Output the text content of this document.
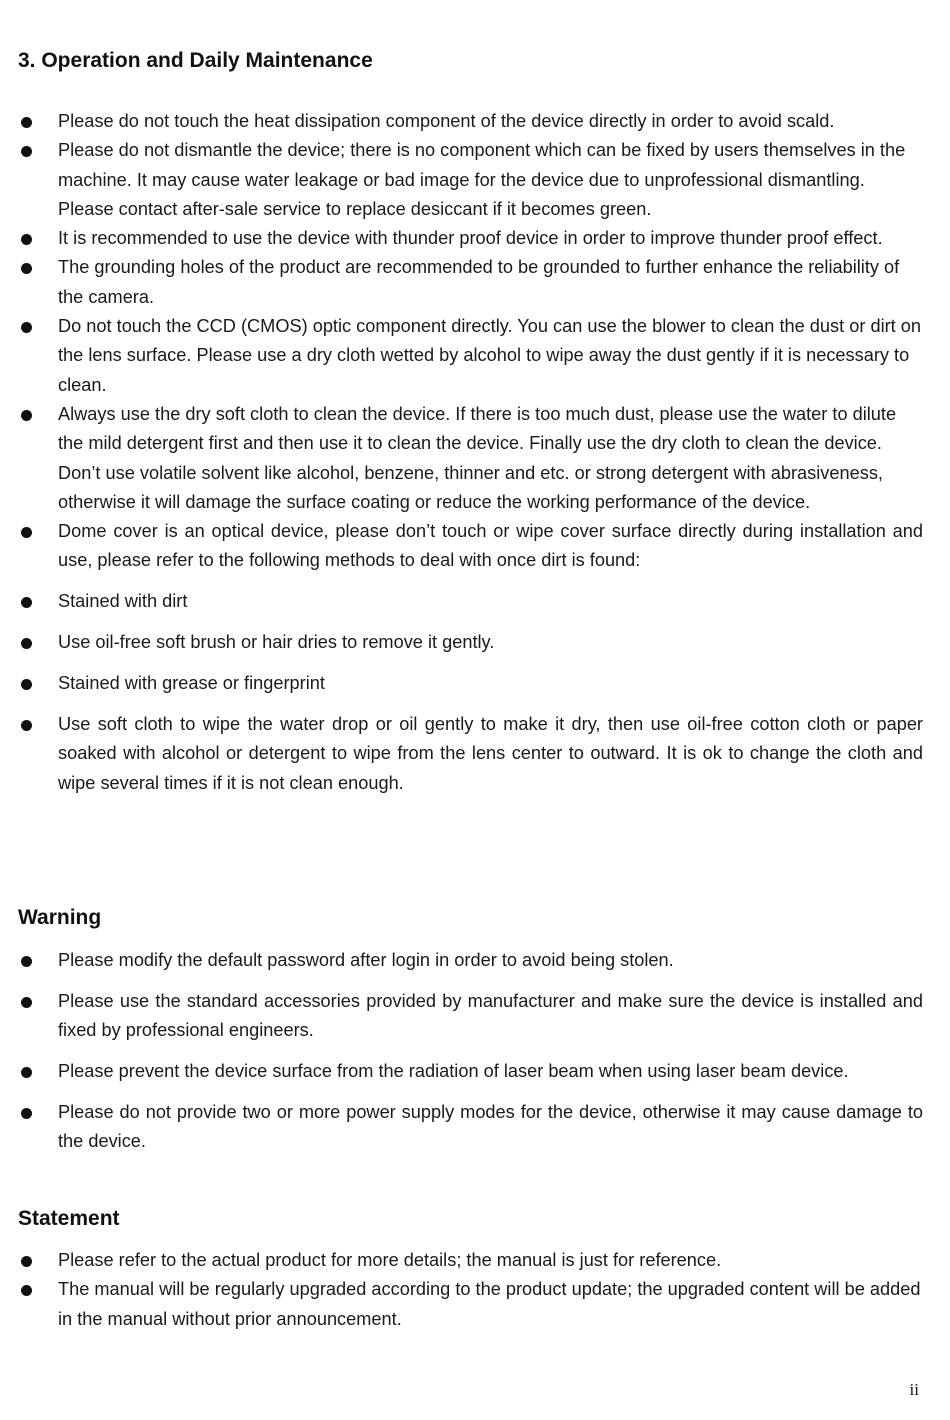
3. Operation and Daily Maintenance
Please do not touch the heat dissipation component of the device directly in order to avoid scald.
Please do not dismantle the device; there is no component which can be fixed by users themselves in the machine. It may cause water leakage or bad image for the device due to unprofessional dismantling. Please contact after-sale service to replace desiccant if it becomes green.
It is recommended to use the device with thunder proof device in order to improve thunder proof effect.
The grounding holes of the product are recommended to be grounded to further enhance the reliability of the camera.
Do not touch the CCD (CMOS) optic component directly. You can use the blower to clean the dust or dirt on the lens surface. Please use a dry cloth wetted by alcohol to wipe away the dust gently if it is necessary to clean.
Always use the dry soft cloth to clean the device. If there is too much dust, please use the water to dilute the mild detergent first and then use it to clean the device. Finally use the dry cloth to clean the device. Don’t use volatile solvent like alcohol, benzene, thinner and etc. or strong detergent with abrasiveness, otherwise it will damage the surface coating or reduce the working performance of the device.
Dome cover is an optical device, please don’t touch or wipe cover surface directly during installation and use, please refer to the following methods to deal with once dirt is found:
Stained with dirt
Use oil-free soft brush or hair dries to remove it gently.
Stained with grease or fingerprint
Use soft cloth to wipe the water drop or oil gently to make it dry, then use oil-free cotton cloth or paper soaked with alcohol or detergent to wipe from the lens center to outward. It is ok to change the cloth and wipe several times if it is not clean enough.
Warning
Please modify the default password after login in order to avoid being stolen.
Please use the standard accessories provided by manufacturer and make sure the device is installed and fixed by professional engineers.
Please prevent the device surface from the radiation of laser beam when using laser beam device.
Please do not provide two or more power supply modes for the device, otherwise it may cause damage to the device.
Statement
Please refer to the actual product for more details; the manual is just for reference.
The manual will be regularly upgraded according to the product update; the upgraded content will be added in the manual without prior announcement.
ii
